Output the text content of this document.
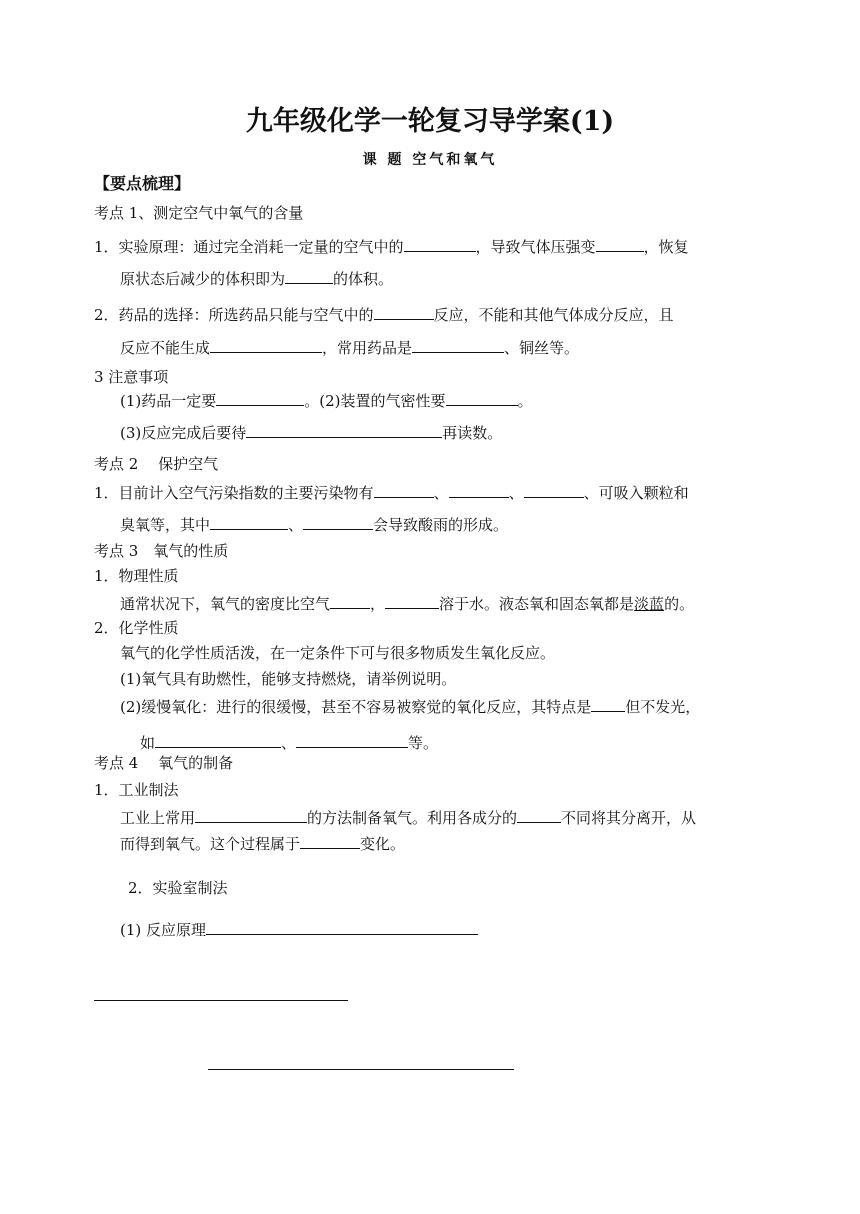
九年级化学一轮复习导学案(1)
课 题 空气和氧气
【要点梳理】
考点 1、测定空气中氧气的含量
1．实验原理：通过完全消耗一定量的空气中的	，导致气体压强变	，恢复
原状态后减少的体积即为	的体积。
2．药品的选择：所选药品只能与空气中的	反应，不能和其他气体成分反应，且
反应不能生成	，常用药品是	、铜丝等。
3 注意事项
(1)药品一定要	。(2)装置的气密性要	。
(3)反应完成后要待	再读数。
考点 2　 保护空气
1．目前计入空气污染指数的主要污染物有	、	、	、可吸入颗粒和
臭氧等，其中	、	会导致酸雨的形成。
考点 3　氧气的性质
1．物理性质
通常状况下，氧气的密度比空气	，	溶于水。液态氧和固态氧都是淡蓝的。
2．化学性质
氧气的化学性质活泼，在一定条件下可与很多物质发生氧化反应。
(1)氧气具有助燃性，能够支持燃烧，请举例说明。
(2)缓慢氧化：进行的很缓慢，甚至不容易被察觉的氧化反应，其特点是 但不发光，
如	、	等。
考点 4　 氧气的制备
1．工业制法
工业上常用	的方法制备氧气。利用各成分的	不同将其分离开，从
而得到氧气。这个过程属于	变化。
2．实验室制法
(1) 反应原理
